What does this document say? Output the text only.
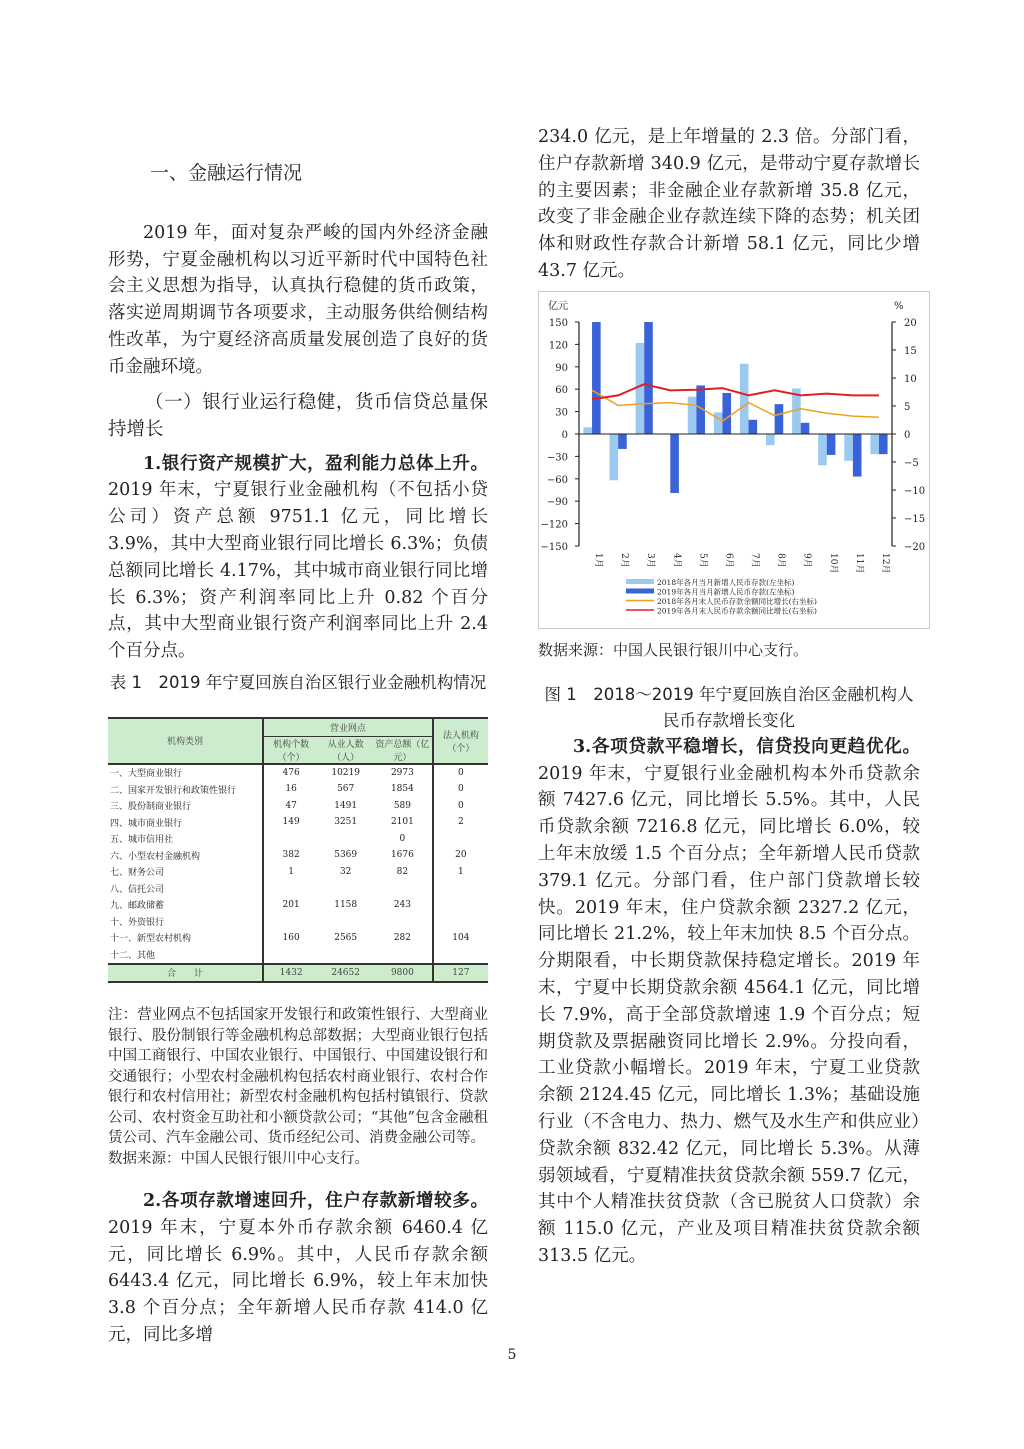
一、金融运行情况

2019 年，面对复杂严峻的国内外经济金融形势，宁夏金融机构以习近平新时代中国特色社会主义思想为指导，认真执行稳健的货币政策，落实逆周期调节各项要求，主动服务供给侧结构性改革，为宁夏经济高质量发展创造了良好的货币金融环境。

（一）银行业运行稳健，货币信贷总量保持增长

1.银行资产规模扩大，盈利能力总体上升。2019 年末，宁夏银行业金融机构（不包括小贷公司）资产总额 9751.1 亿元，同比增长 3.9%，其中大型商业银行同比增长 6.3%；负债总额同比增长 4.17%，其中城市商业银行同比增长 6.3%；资产利润率同比上升 0.82 个百分点，其中大型商业银行资产利润率同比上升 2.4 个百分点。

表 1　2019 年宁夏回族自治区银行业金融机构情况
机构类别	营业网点			法人机构（个）
	机构个数（个）	从业人数（人）	资产总额（亿元）	
一、大型商业银行	476	10219	2973	0
二、国家开发银行和政策性银行	16	567	1854	0
三、股份制商业银行	47	1491	589	0
四、城市商业银行	149	3251	2101	2
五、城市信用社			0	
六、小型农村金融机构	382	5369	1676	20
七、财务公司	1	32	82	1
八、信托公司				
九、邮政储蓄	201	1158	243	
十、外资银行				
十一、新型农村机构	160	2565	282	104
十二、其他				
合　　计	1432	24652	9800	127
注：营业网点不包括国家开发银行和政策性银行、大型商业银行、股份制银行等金融机构总部数据；大型商业银行包括中国工商银行、中国农业银行、中国银行、中国建设银行和交通银行；小型农村金融机构包括农村商业银行、农村合作银行和农村信用社；新型农村金融机构包括村镇银行、贷款公司、农村资金互助社和小额贷款公司；“其他”包含金融租赁公司、汽车金融公司、货币经纪公司、消费金融公司等。
数据来源：中国人民银行银川中心支行。

2.各项存款增速回升，住户存款新增较多。2019 年末，宁夏本外币存款余额 6460.4 亿元，同比增长 6.9%。其中，人民币存款余额 6443.4 亿元，同比增长 6.9%，较上年末加快 3.8 个百分点；全年新增人民币存款 414.0 亿元，同比多增

234.0 亿元，是上年增量的 2.3 倍。分部门看，住户存款新增 340.9 亿元，是带动宁夏存款增长的主要因素；非金融企业存款新增 35.8 亿元，改变了非金融企业存款连续下降的态势；机关团体和财政性存款合计新增 58.1 亿元，同比少增 43.7 亿元。
亿元	%
150
120
90
60
30
0
−30
−60
−90
−120
−150
20
15
10
5
0
−5
−10
−15
−20
1月 2月 3月 4月 5月 6月 7月 8月 9月 10月 11月 12月
2018年各月当月新增人民币存款(左坐标)
2019年各月当月新增人民币存款(左坐标)
2018年各月末人民币存款余额同比增长(右坐标)
2019年各月末人民币存款余额同比增长(右坐标)
数据来源：中国人民银行银川中心支行。
图 1　2018～2019 年宁夏回族自治区金融机构人民币存款增长变化

3.各项贷款平稳增长，信贷投向更趋优化。2019 年末，宁夏银行业金融机构本外币贷款余额 7427.6 亿元，同比增长 5.5%。其中，人民币贷款余额 7216.8 亿元，同比增长 6.0%，较上年末放缓 1.5 个百分点；全年新增人民币贷款 379.1 亿元。分部门看，住户部门贷款增长较快。2019 年末，住户贷款余额 2327.2 亿元，同比增长 21.2%，较上年末加快 8.5 个百分点。分期限看，中长期贷款保持稳定增长。2019 年末，宁夏中长期贷款余额 4564.1 亿元，同比增长 7.9%，高于全部贷款增速 1.9 个百分点；短期贷款及票据融资同比增长 2.9%。分投向看，工业贷款小幅增长。2019 年末，宁夏工业贷款余额 2124.45 亿元，同比增长 1.3%；基础设施行业（不含电力、热力、燃气及水生产和供应业）贷款余额 832.42 亿元，同比增长 5.3%。从薄弱领域看，宁夏精准扶贫贷款余额 559.7 亿元，其中个人精准扶贫贷款（含已脱贫人口贷款）余额 115.0 亿元，产业及项目精准扶贫贷款余额 313.5 亿元。

5
